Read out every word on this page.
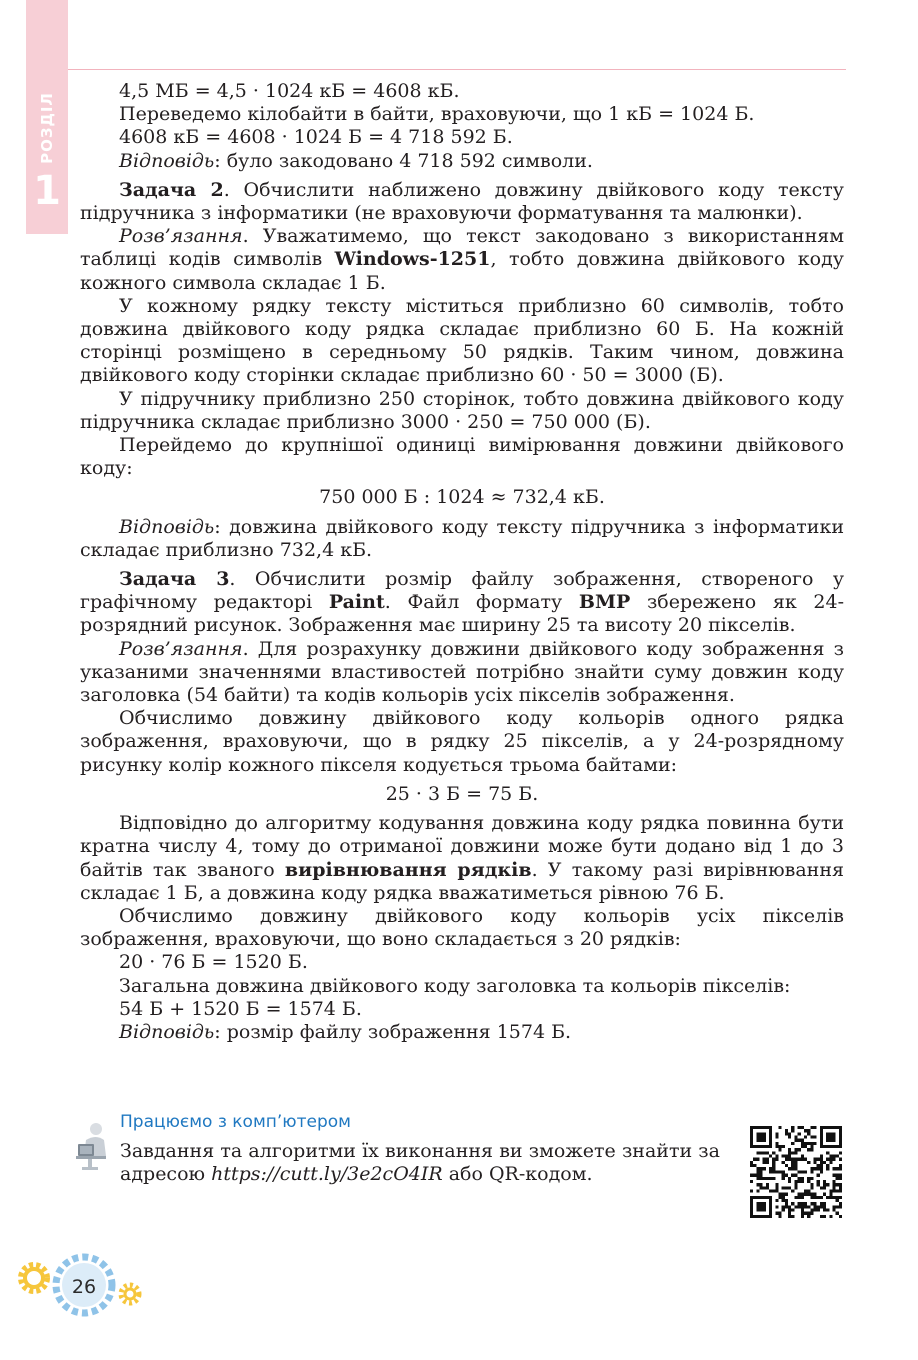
РОЗДІЛ
1

4,5 МБ = 4,5 · 1024 кБ = 4608 кБ.

Переведемо кілобайти в байти, враховуючи, що 1 кБ = 1024 Б.

4608 кБ = 4608 · 1024 Б = 4 718 592 Б.

Відповідь: було закодовано 4 718 592 символи.

Задача 2. Обчислити наближено довжину двійкового коду тексту підручника з інформатики (не враховуючи форматування та малюнки).

Розв’язання. Уважатимемо, що текст закодовано з використанням таблиці кодів символів Windows-1251, тобто довжина двійкового коду кожного символа складає 1 Б.

У кожному рядку тексту міститься приблизно 60 символів, тобто довжина двійкового коду рядка складає приблизно 60 Б. На кожній сторінці розміщено в середньому 50 рядків. Таким чином, довжина двійкового коду сторінки складає приблизно 60 · 50 = 3000 (Б).

У підручнику приблизно 250 сторінок, тобто довжина двійкового коду підручника складає приблизно 3000 · 250 = 750 000 (Б).

Перейдемо до крупнішої одиниці вимірювання довжини двійкового коду:

750 000 Б : 1024 ≈ 732,4 кБ.

Відповідь: довжина двійкового коду тексту підручника з інформатики складає приблизно 732,4 кБ.

Задача 3. Обчислити розмір файлу зображення, створеного у графічному редакторі Paint. Файл формату BMP збережено як 24-розрядний рисунок. Зображення має ширину 25 та висоту 20 пікселів.

Розв’язання. Для розрахунку довжини двійкового коду зображення з указаними значеннями властивостей потрібно знайти суму довжин коду заголовка (54 байти) та кодів кольорів усіх пікселів зображення.

Обчислимо довжину двійкового коду кольорів одного рядка зображення, враховуючи, що в рядку 25 пікселів, а у 24-розрядному рисунку колір кожного пікселя кодується трьома байтами:

25 · 3 Б = 75 Б.

Відповідно до алгоритму кодування довжина коду рядка повинна бути кратна числу 4, тому до отриманої довжини може бути додано від 1 до 3 байтів так званого вирівнювання рядків. У такому разі вирівнювання складає 1 Б, а довжина коду рядка вважатиметься рівною 76 Б.

Обчислимо довжину двійкового коду кольорів усіх пікселів зображення, враховуючи, що воно складається з 20 рядків:

20 · 76 Б = 1520 Б.

Загальна довжина двійкового коду заголовка та кольорів пікселів:

54 Б + 1520 Б = 1574 Б.

Відповідь: розмір файлу зображення 1574 Б.

Працюємо з комп’ютером
Завдання та алгоритми їх виконання ви зможете знайти за адресою https://cutt.ly/3e2cO4IR або QR-кодом.
26
